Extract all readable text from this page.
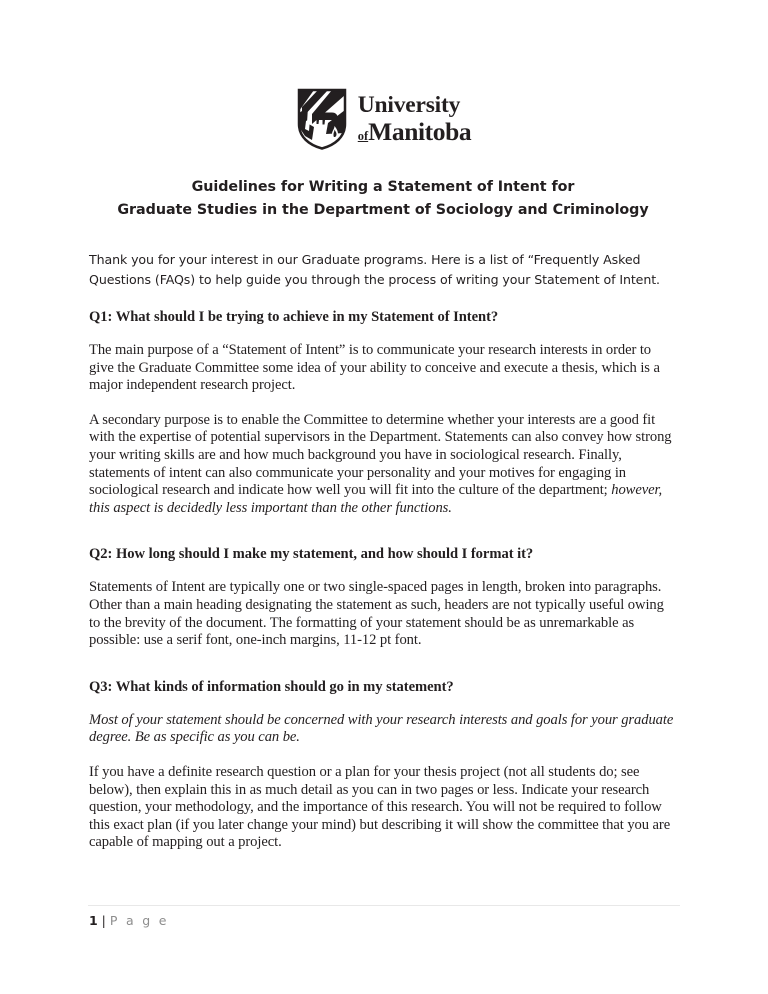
University
ofManitoba
Guidelines for Writing a Statement of Intent for
Graduate Studies in the Department of Sociology and Criminology

Thank you for your interest in our Graduate programs. Here is a list of “Frequently Asked Questions (FAQs) to help guide you through the process of writing your Statement of Intent.

Q1: What should I be trying to achieve in my Statement of Intent?

The main purpose of a “Statement of Intent” is to communicate your research interests in order to give the Graduate Committee some idea of your ability to conceive and execute a thesis, which is a major independent research project.

A secondary purpose is to enable the Committee to determine whether your interests are a good fit with the expertise of potential supervisors in the Department. Statements can also convey how strong your writing skills are and how much background you have in sociological research. Finally, statements of intent can also communicate your personality and your motives for engaging in sociological research and indicate how well you will fit into the culture of the department; however, this aspect is decidedly less important than the other functions.

Q2: How long should I make my statement, and how should I format it?

Statements of Intent are typically one or two single-spaced pages in length, broken into paragraphs. Other than a main heading designating the statement as such, headers are not typically useful owing to the brevity of the document. The formatting of your statement should be as unremarkable as possible: use a serif font, one-inch margins, 11-12 pt font.

Q3: What kinds of information should go in my statement?

Most of your statement should be concerned with your research interests and goals for your graduate degree. Be as specific as you can be.

If you have a definite research question or a plan for your thesis project (not all students do; see below), then explain this in as much detail as you can in two pages or less. Indicate your research question, your methodology, and the importance of this research. You will not be required to follow this exact plan (if you later change your mind) but describing it will show the committee that you are capable of mapping out a project.

1 | P a g e
